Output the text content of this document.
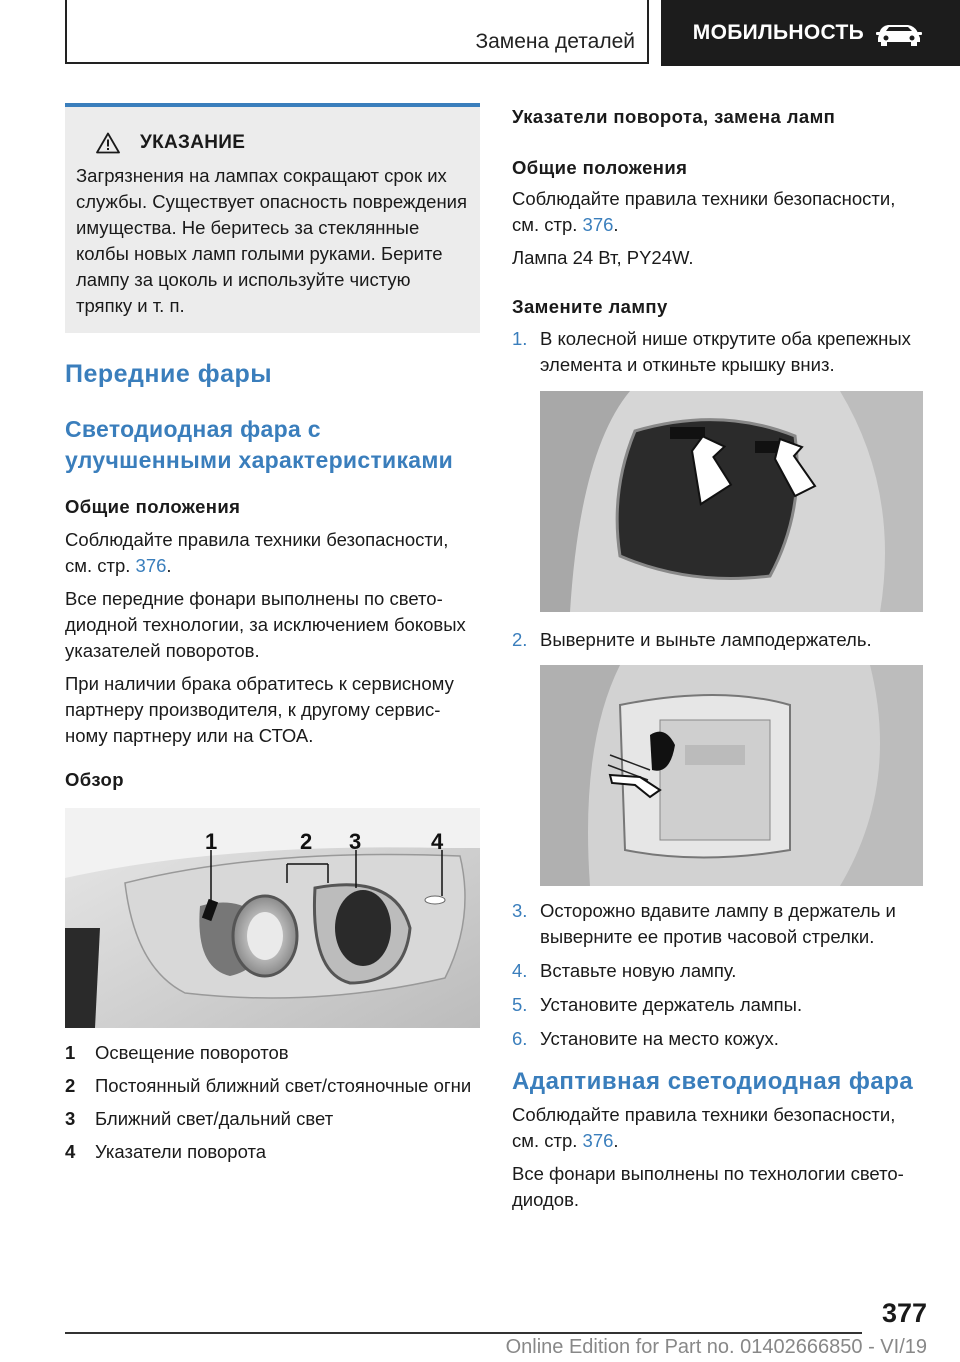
Замена деталей	МОБИЛЬНОСТЬ
УКАЗАНИЕ

Загрязнения на лампах сокращают срок их службы. Существует опасность повреждения имущества. Не беритесь за стеклянные колбы новых ламп голыми руками. Берите лампу за цоколь и используйте чистую тряпку и т. п.

Передние фары
Светодиодная фара с
улучшенными характеристиками
Общие положения

Соблюдайте правила техники безопасности, см. стр. 376.

Все передние фонари выполнены по свето-диодной технологии, за исключением боковых указателей поворотов.

При наличии брака обратитесь к сервисному партнеру производителя, к другому сервис-ному партнеру или на СТОА.

Обзор
1	2 3	4
1	Освещение поворотов
2	Постоянный ближний свет/стояночные огни
3	Ближний свет/дальний свет
4	Указатели поворота
Указатели поворота, замена ламп
Общие положения

Соблюдайте правила техники безопасности, см. стр. 376.

Лампа 24 Вт, PY24W.

Замените лампу
1. В колесной нише открутите оба крепежных элемента и откиньте крышку вниз.
2. Выверните и выньте ламподержатель.
3. Осторожно вдавите лампу в держатель и выверните ее против часовой стрелки.
4. Вставьте новую лампу.
5. Установите держатель лампы.
6. Установите на место кожух.
Адаптивная светодиодная фара

Соблюдайте правила техники безопасности, см. стр. 376.

Все фонари выполнены по технологии свето-диодов.

377
Online Edition for Part no. 01402666850 - VI/19
